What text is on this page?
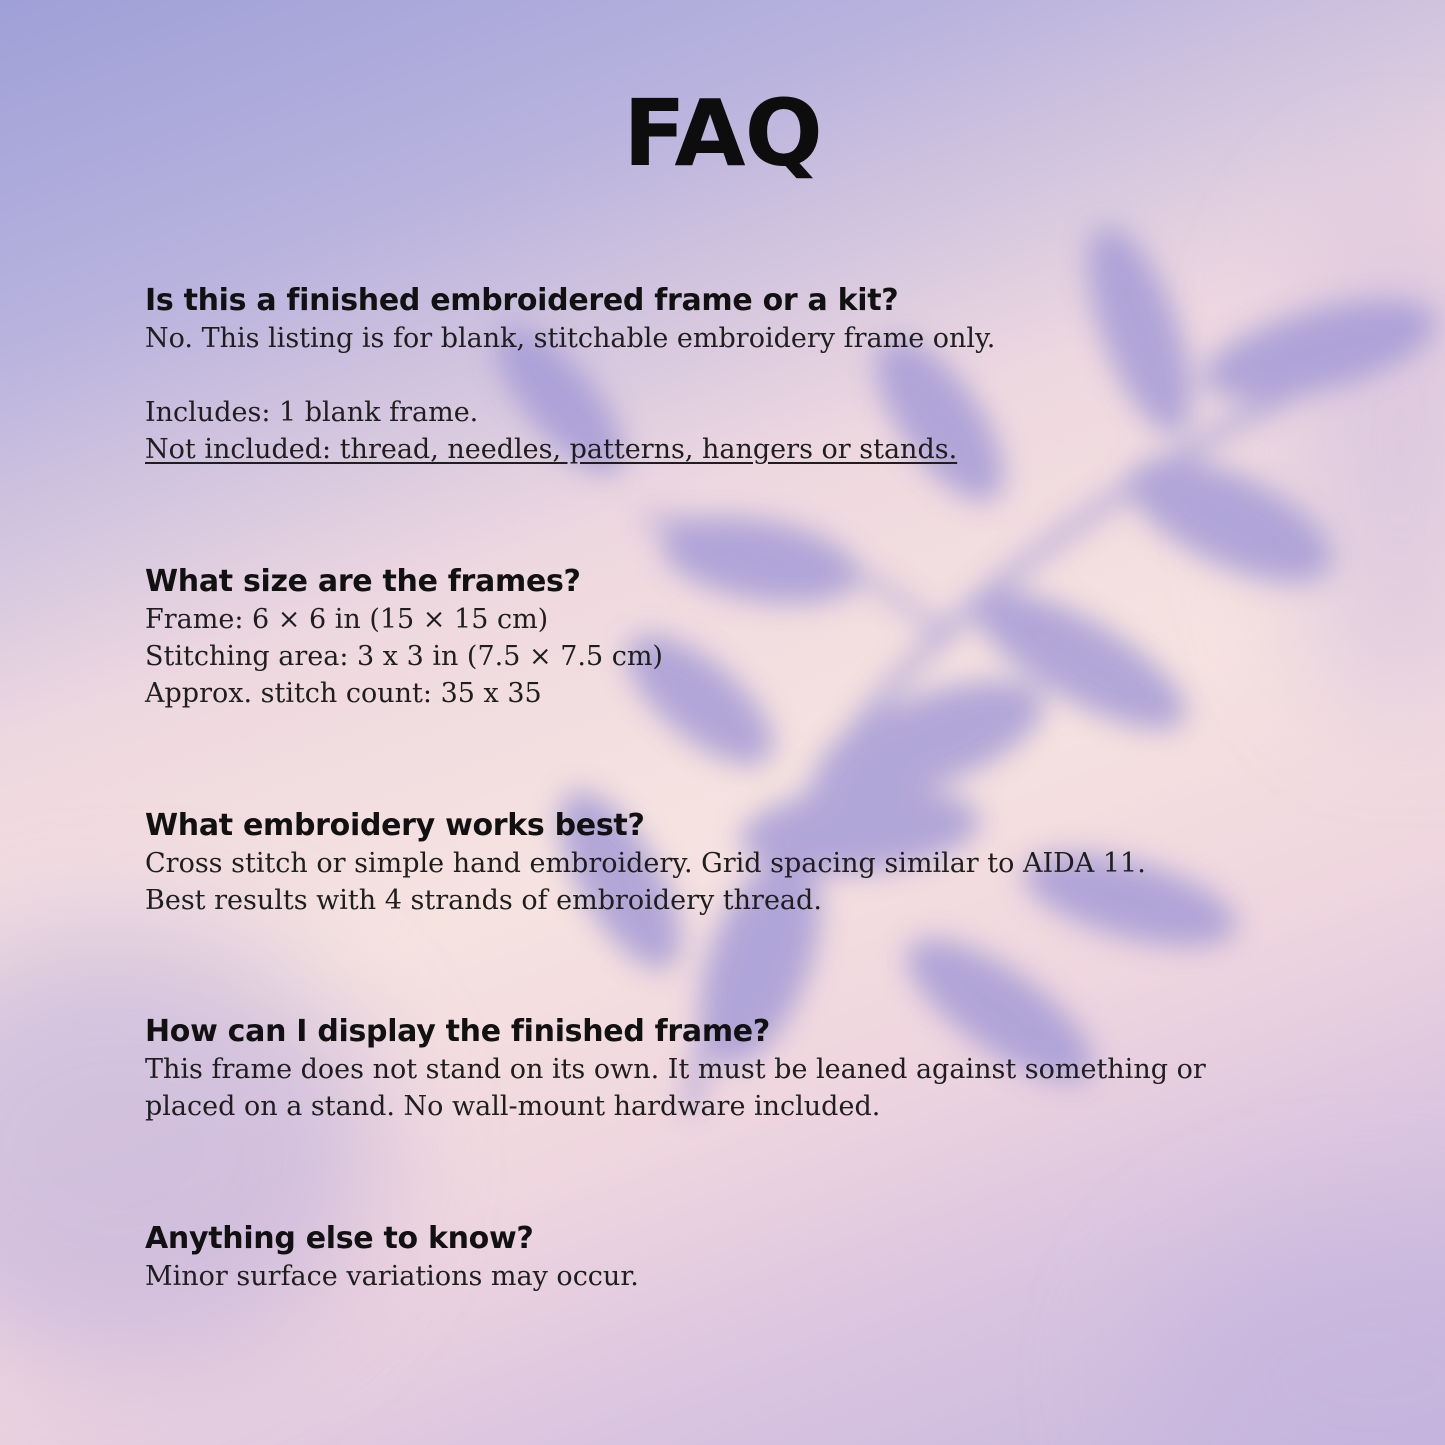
FAQ

Is this a finished embroidered frame or a kit?

No. This listing is for blank, stitchable embroidery frame only.

Includes: 1 blank frame.

Not included: thread, needles, patterns, hangers or stands.

What size are the frames?

Frame: 6 × 6 in (15 × 15 cm)

Stitching area: 3 x 3 in (7.5 × 7.5 cm)

Approx. stitch count: 35 x 35

What embroidery works best?

Cross stitch or simple hand embroidery. Grid spacing similar to AIDA 11.

Best results with 4 strands of embroidery thread.

How can I display the finished frame?

This frame does not stand on its own. It must be leaned against something or

placed on a stand. No wall-mount hardware included.

Anything else to know?

Minor surface variations may occur.
